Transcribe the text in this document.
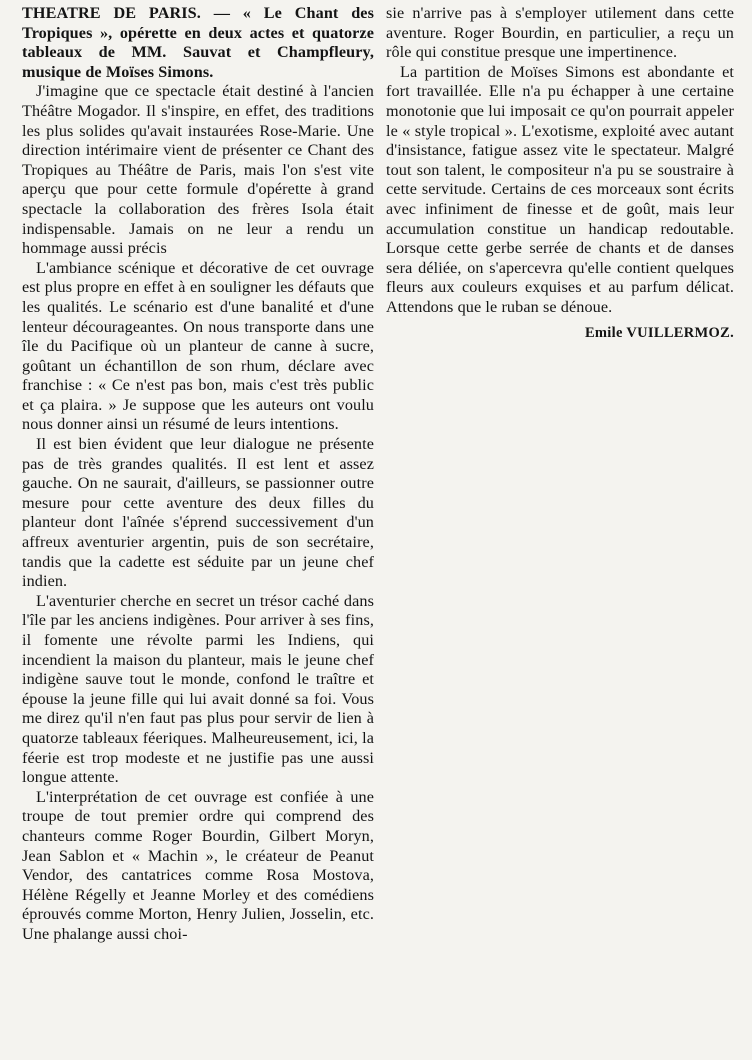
THEATRE DE PARIS. — « Le Chant des Tropiques », opérette en deux actes et quatorze tableaux de MM. Sauvat et Champfleury, musique de Moïses Simons.

J'imagine que ce spectacle était destiné à l'ancien Théâtre Mogador. Il s'inspire, en effet, des traditions les plus solides qu'avait instaurées Rose-Marie. Une direction intérimaire vient de présenter ce Chant des Tropiques au Théâtre de Paris, mais l'on s'est vite aperçu que pour cette formule d'opérette à grand spectacle la collaboration des frères Isola était indispensable. Jamais on ne leur a rendu un hommage aussi précis

L'ambiance scénique et décorative de cet ouvrage est plus propre en effet à en souligner les défauts que les qualités. Le scénario est d'une banalité et d'une lenteur décourageantes. On nous transporte dans une île du Pacifique où un planteur de canne à sucre, goûtant un échantillon de son rhum, déclare avec franchise : « Ce n'est pas bon, mais c'est très public et ça plaira. » Je suppose que les auteurs ont voulu nous donner ainsi un résumé de leurs intentions.

Il est bien évident que leur dialogue ne présente pas de très grandes qualités. Il est lent et assez gauche. On ne saurait, d'ailleurs, se passionner outre mesure pour cette aventure des deux filles du planteur dont l'aînée s'éprend successivement d'un affreux aventurier argentin, puis de son secrétaire, tandis que la cadette est séduite par un jeune chef indien.

L'aventurier cherche en secret un trésor caché dans l'île par les anciens indigènes. Pour arriver à ses fins, il fomente une révolte parmi les Indiens, qui incendient la maison du planteur, mais le jeune chef indigène sauve tout le monde, confond le traître et épouse la jeune fille qui lui avait donné sa foi. Vous me direz qu'il n'en faut pas plus pour servir de lien à quatorze tableaux féeriques. Malheureusement, ici, la féerie est trop modeste et ne justifie pas une aussi longue attente.

L'interprétation de cet ouvrage est confiée à une troupe de tout premier ordre qui comprend des chanteurs comme Roger Bourdin, Gilbert Moryn, Jean Sablon et « Machin », le créateur de Peanut Vendor, des cantatrices comme Rosa Mostova, Hélène Régelly et Jeanne Morley et des comédiens éprouvés comme Morton, Henry Julien, Josselin, etc. Une phalange aussi choi-

sie n'arrive pas à s'employer utilement dans cette aventure. Roger Bourdin, en particulier, a reçu un rôle qui constitue presque une impertinence.

La partition de Moïses Simons est abondante et fort travaillée. Elle n'a pu échapper à une certaine monotonie que lui imposait ce qu'on pourrait appeler le « style tropical ». L'exotisme, exploité avec autant d'insistance, fatigue assez vite le spectateur. Malgré tout son talent, le compositeur n'a pu se soustraire à cette servitude. Certains de ces morceaux sont écrits avec infiniment de finesse et de goût, mais leur accumulation constitue un handicap redoutable. Lorsque cette gerbe serrée de chants et de danses sera déliée, on s'apercevra qu'elle contient quelques fleurs aux couleurs exquises et au parfum délicat. Attendons que le ruban se dénoue.

Emile VUILLERMOZ.
